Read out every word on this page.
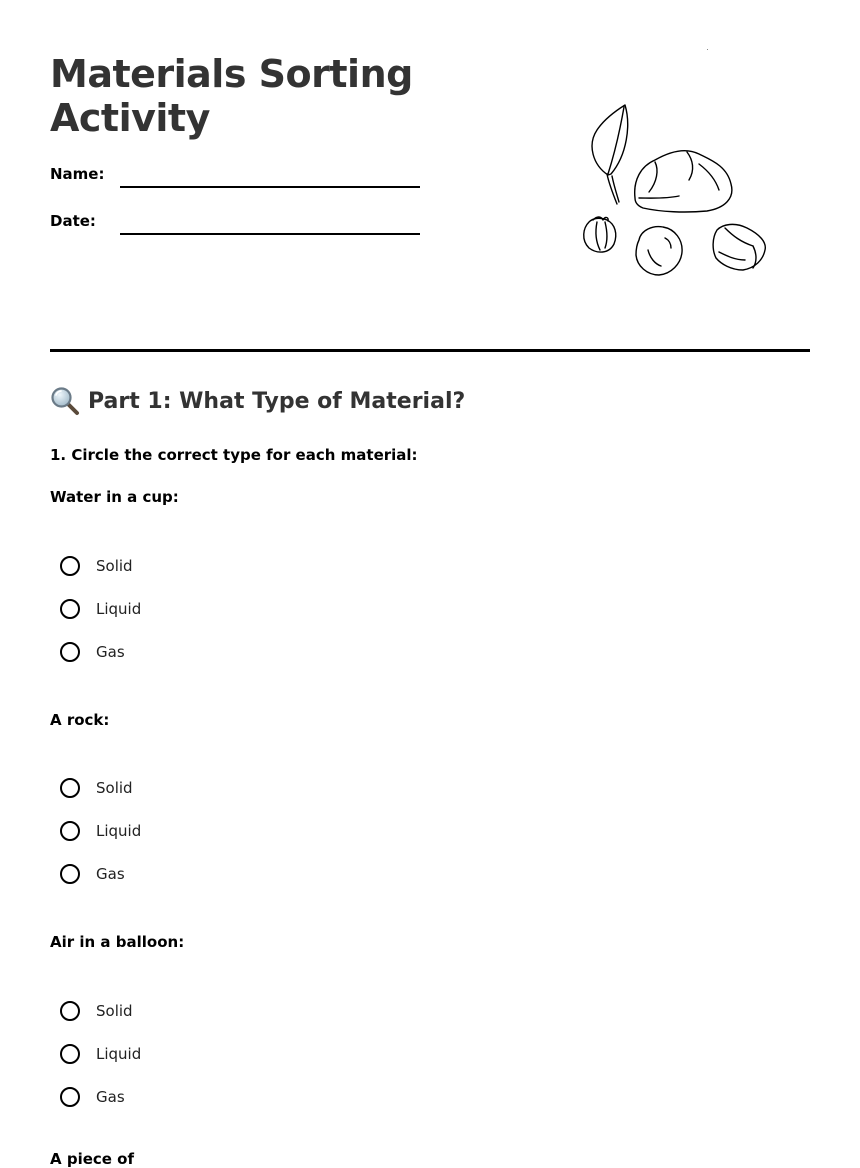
Materials Sorting
Activity
Name:
Date:
Part 1: What Type of Material?
1. Circle the correct type for each material:
Water in a cup:
Solid
Liquid
Gas
A rock:
Solid
Liquid
Gas
Air in a balloon:
Solid
Liquid
Gas
A piece of
